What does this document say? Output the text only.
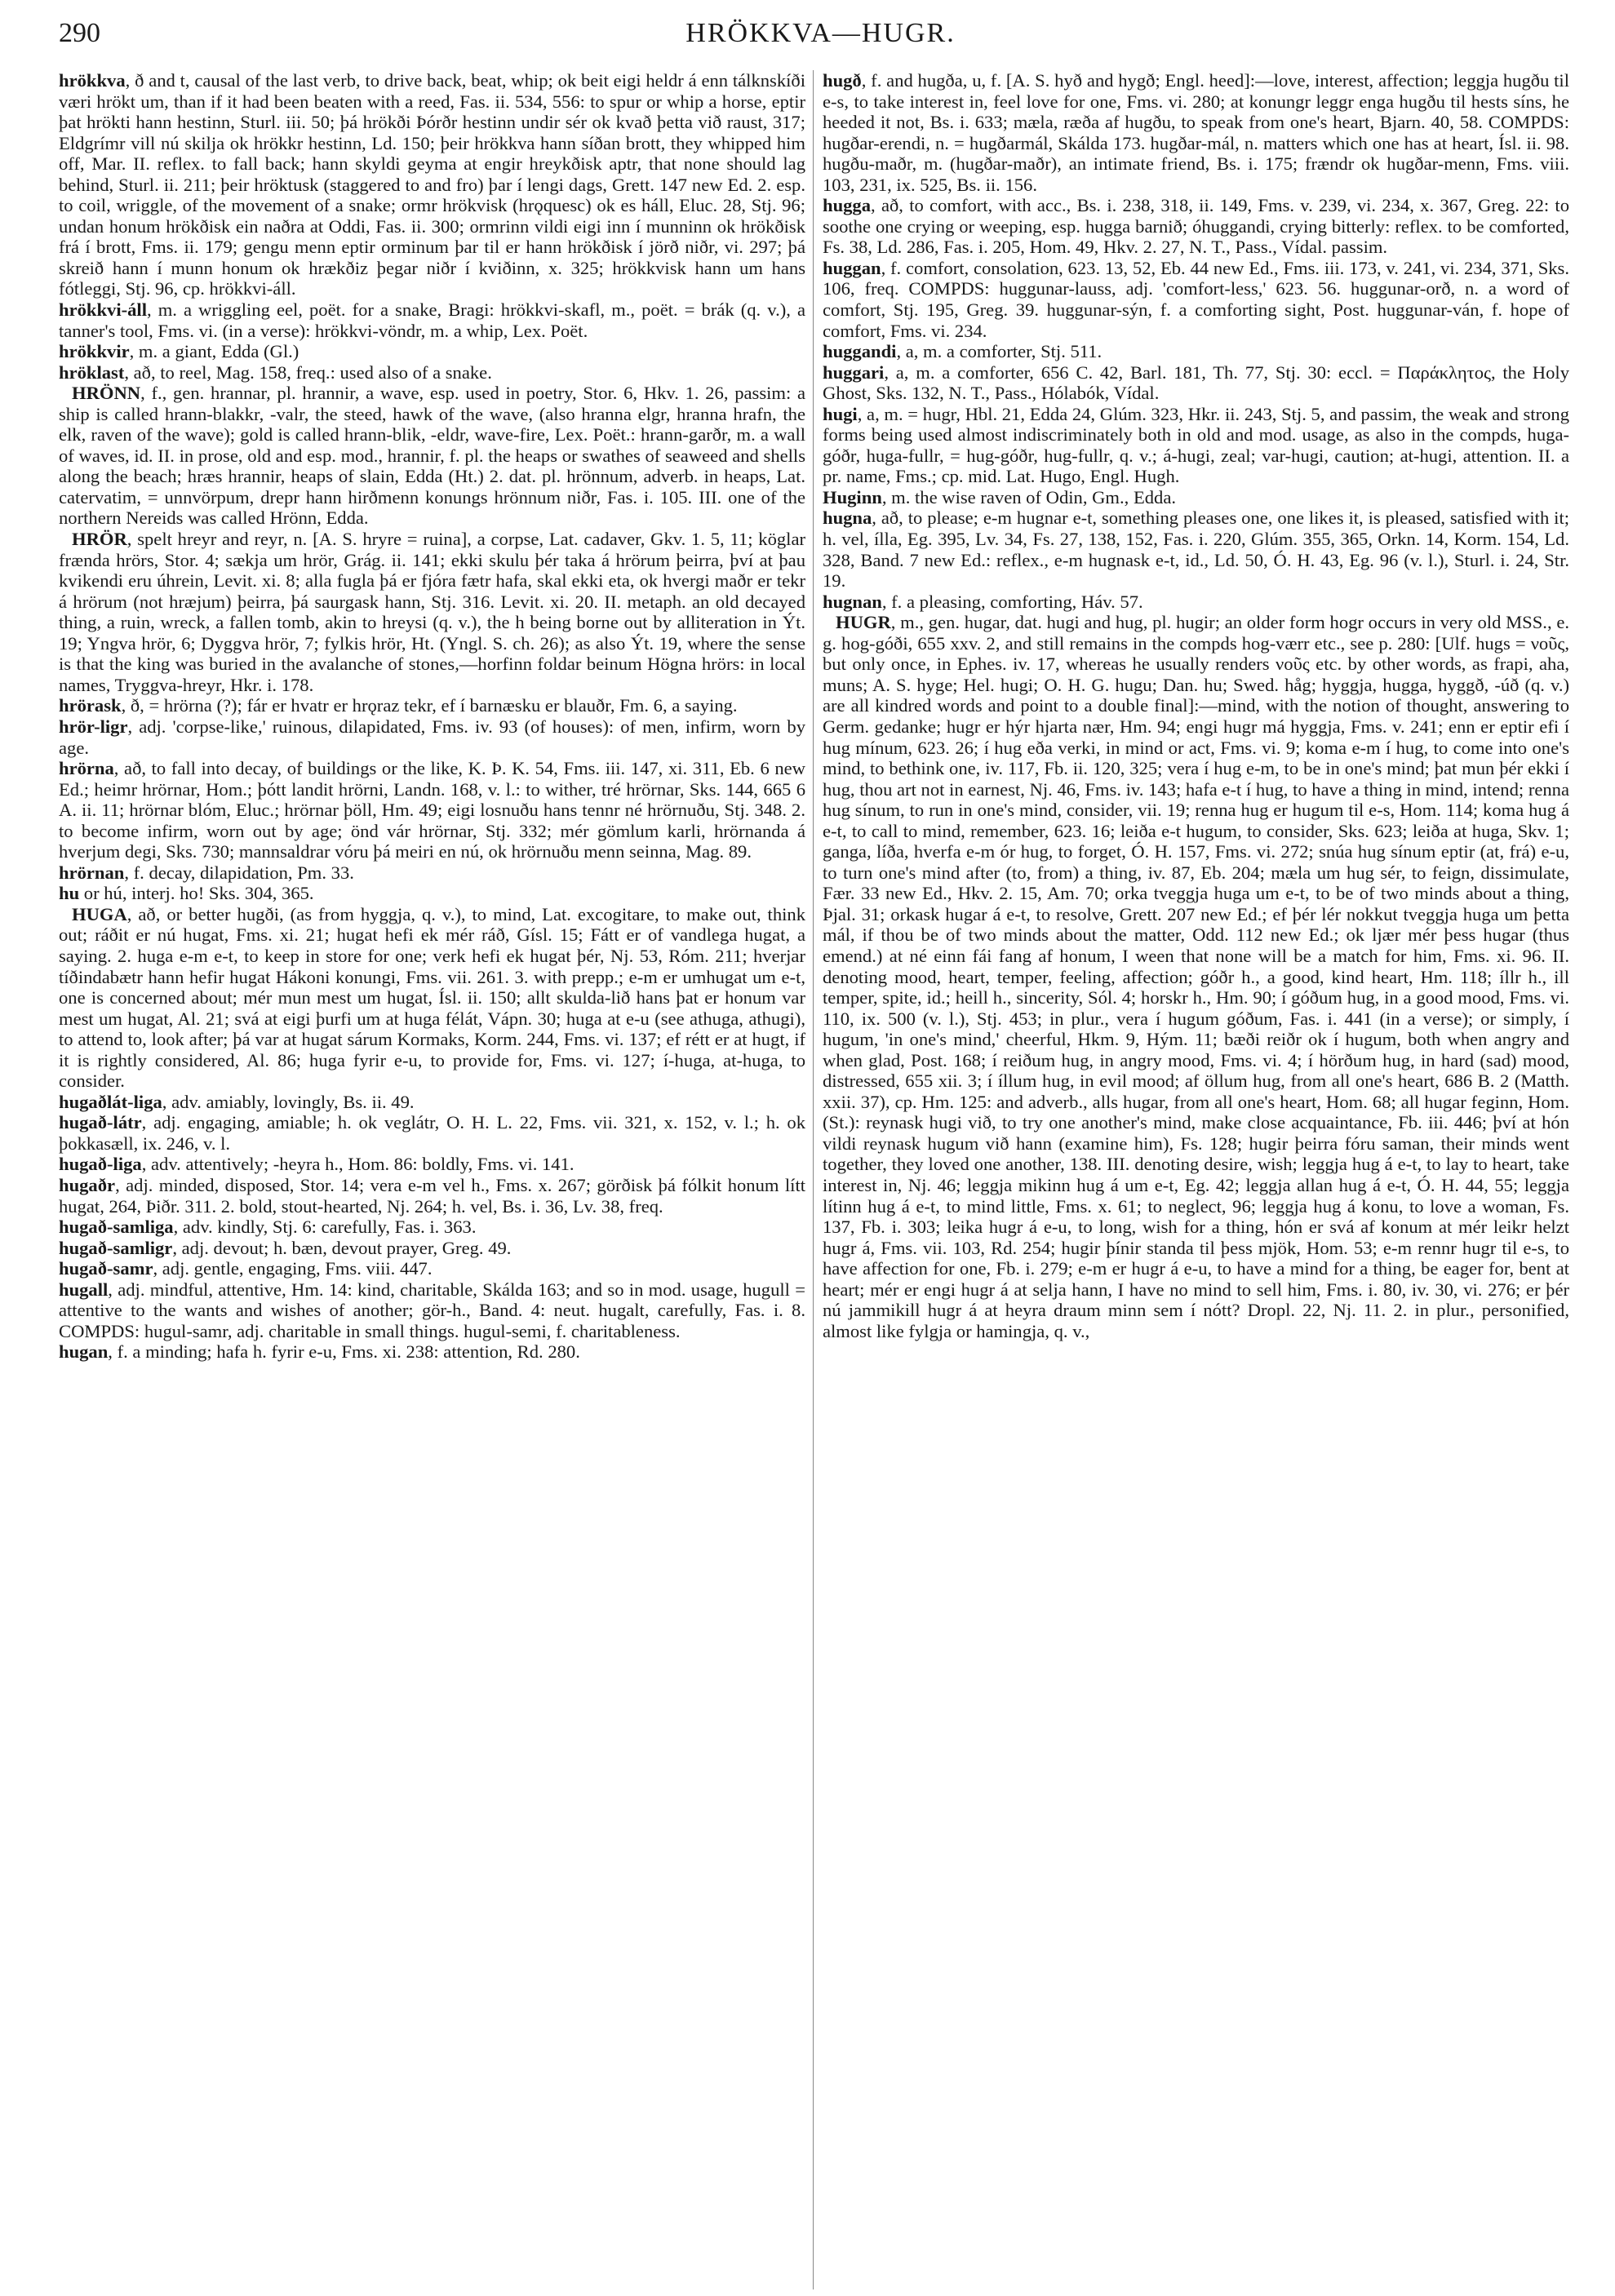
290	HRÖKKVA—HUGR.

hrökkva, ð and t, causal of the last verb, to drive back, beat, whip; ok beit eigi heldr á enn tálknskíði væri hrökt um, than if it had been beaten with a reed, Fas. ii. 534, 556: to spur or whip a horse, eptir þat hrökti hann hestinn, Sturl. iii. 50; þá hrökði Þórðr hestinn undir sér ok kvað þetta við raust, 317; Eldgrímr vill nú skilja ok hrökkr hestinn, Ld. 150; þeir hrökkva hann síðan brott, they whipped him off, Mar. II. reflex. to fall back; hann skyldi geyma at engir hreykðisk aptr, that none should lag behind, Sturl. ii. 211; þeir hröktusk (staggered to and fro) þar í lengi dags, Grett. 147 new Ed. 2. esp. to coil, wriggle, of the movement of a snake; ormr hrökvisk (hrǫquesc) ok es háll, Eluc. 28, Stj. 96; undan honum hrökðisk ein naðra at Oddi, Fas. ii. 300; ormrinn vildi eigi inn í munninn ok hrökðisk frá í brott, Fms. ii. 179; gengu menn eptir orminum þar til er hann hrökðisk í jörð niðr, vi. 297; þá skreið hann í munn honum ok hrækðiz þegar niðr í kviðinn, x. 325; hrökkvisk hann um hans fótleggi, Stj. 96, cp. hrökkvi-áll.

hrökkvi-áll, m. a wriggling eel, poët. for a snake, Bragi: hrökkvi-skafl, m., poët. = brák (q. v.), a tanner's tool, Fms. vi. (in a verse): hrökkvi-vöndr, m. a whip, Lex. Poët.

hrökkvir, m. a giant, Edda (Gl.)

hröklast, að, to reel, Mag. 158, freq.: used also of a snake.

HRÖNN, f., gen. hrannar, pl. hrannir, a wave, esp. used in poetry, Stor. 6, Hkv. 1. 26, passim: a ship is called hrann-blakkr, -valr, the steed, hawk of the wave, (also hranna elgr, hranna hrafn, the elk, raven of the wave); gold is called hrann-blik, -eldr, wave-fire, Lex. Poët.: hrann-garðr, m. a wall of waves, id. II. in prose, old and esp. mod., hrannir, f. pl. the heaps or swathes of seaweed and shells along the beach; hræs hrannir, heaps of slain, Edda (Ht.) 2. dat. pl. hrönnum, adverb. in heaps, Lat. catervatim, = unnvörpum, drepr hann hirðmenn konungs hrönnum niðr, Fas. i. 105. III. one of the northern Nereids was called Hrönn, Edda.

HRÖR, spelt hreyr and reyr, n. [A. S. hryre = ruina], a corpse, Lat. cadaver, Gkv. 1. 5, 11; köglar frænda hrörs, Stor. 4; sækja um hrör, Grág. ii. 141; ekki skulu þér taka á hrörum þeirra, því at þau kvikendi eru úhrein, Levit. xi. 8; alla fugla þá er fjóra fætr hafa, skal ekki eta, ok hvergi maðr er tekr á hrörum (not hræjum) þeirra, þá saurgask hann, Stj. 316. Levit. xi. 20. II. metaph. an old decayed thing, a ruin, wreck, a fallen tomb, akin to hreysi (q. v.), the h being borne out by alliteration in Ýt. 19; Yngva hrör, 6; Dyggva hrör, 7; fylkis hrör, Ht. (Yngl. S. ch. 26); as also Ýt. 19, where the sense is that the king was buried in the avalanche of stones,—horfinn foldar beinum Högna hrörs: in local names, Tryggva-hreyr, Hkr. i. 178.

hrörask, ð, = hrörna (?); fár er hvatr er hrǫraz tekr, ef í barnæsku er blauðr, Fm. 6, a saying.

hrör-ligr, adj. 'corpse-like,' ruinous, dilapidated, Fms. iv. 93 (of houses): of men, infirm, worn by age.

hrörna, að, to fall into decay, of buildings or the like, K. Þ. K. 54, Fms. iii. 147, xi. 311, Eb. 6 new Ed.; heimr hrörnar, Hom.; þótt landit hrörni, Landn. 168, v. l.: to wither, tré hrörnar, Sks. 144, 665 6 A. ii. 11; hrörnar blóm, Eluc.; hrörnar þöll, Hm. 49; eigi losnuðu hans tennr né hrörnuðu, Stj. 348. 2. to become infirm, worn out by age; önd vár hrörnar, Stj. 332; mér gömlum karli, hrörnanda á hverjum degi, Sks. 730; mannsaldrar vóru þá meiri en nú, ok hrörnuðu menn seinna, Mag. 89.

hrörnan, f. decay, dilapidation, Pm. 33.

hu or hú, interj. ho! Sks. 304, 365.

HUGA, að, or better hugði, (as from hyggja, q. v.), to mind, Lat. excogitare, to make out, think out; ráðit er nú hugat, Fms. xi. 21; hugat hefi ek mér ráð, Gísl. 15; Fátt er of vandlega hugat, a saying. 2. huga e-m e-t, to keep in store for one; verk hefi ek hugat þér, Nj. 53, Róm. 211; hverjar tíðindabætr hann hefir hugat Hákoni konungi, Fms. vii. 261. 3. with prepp.; e-m er umhugat um e-t, one is concerned about; mér mun mest um hugat, Ísl. ii. 150; allt skulda-lið hans þat er honum var mest um hugat, Al. 21; svá at eigi þurfi um at huga félát, Vápn. 30; huga at e-u (see athuga, athugi), to attend to, look after; þá var at hugat sárum Kormaks, Korm. 244, Fms. vi. 137; ef rétt er at hugt, if it is rightly considered, Al. 86; huga fyrir e-u, to provide for, Fms. vi. 127; í-huga, at-huga, to consider.

hugaðlát-liga, adv. amiably, lovingly, Bs. ii. 49.

hugað-látr, adj. engaging, amiable; h. ok veglátr, O. H. L. 22, Fms. vii. 321, x. 152, v. l.; h. ok þokkasæll, ix. 246, v. l.

hugað-liga, adv. attentively; -heyra h., Hom. 86: boldly, Fms. vi. 141.

hugaðr, adj. minded, disposed, Stor. 14; vera e-m vel h., Fms. x. 267; görðisk þá fólkit honum lítt hugat, 264, Þiðr. 311. 2. bold, stout-hearted, Nj. 264; h. vel, Bs. i. 36, Lv. 38, freq.

hugað-samliga, adv. kindly, Stj. 6: carefully, Fas. i. 363.

hugað-samligr, adj. devout; h. bæn, devout prayer, Greg. 49.

hugað-samr, adj. gentle, engaging, Fms. viii. 447.

hugall, adj. mindful, attentive, Hm. 14: kind, charitable, Skálda 163; and so in mod. usage, hugull = attentive to the wants and wishes of another; gör-h., Band. 4: neut. hugalt, carefully, Fas. i. 8. COMPDS: hugul-samr, adj. charitable in small things. hugul-semi, f. charitableness.

hugan, f. a minding; hafa h. fyrir e-u, Fms. xi. 238: attention, Rd. 280.

hugð, f. and hugða, u, f. [A. S. hyð and hygð; Engl. heed]:—love, interest, affection; leggja hugðu til e-s, to take interest in, feel love for one, Fms. vi. 280; at konungr leggr enga hugðu til hests síns, he heeded it not, Bs. i. 633; mæla, ræða af hugðu, to speak from one's heart, Bjarn. 40, 58. COMPDS: hugðar-erendi, n. = hugðarmál, Skálda 173. hugðar-mál, n. matters which one has at heart, Ísl. ii. 98. hugðu-maðr, m. (hugðar-maðr), an intimate friend, Bs. i. 175; frændr ok hugðar-menn, Fms. viii. 103, 231, ix. 525, Bs. ii. 156.

hugga, að, to comfort, with acc., Bs. i. 238, 318, ii. 149, Fms. v. 239, vi. 234, x. 367, Greg. 22: to soothe one crying or weeping, esp. hugga barnið; óhuggandi, crying bitterly: reflex. to be comforted, Fs. 38, Ld. 286, Fas. i. 205, Hom. 49, Hkv. 2. 27, N. T., Pass., Vídal. passim.

huggan, f. comfort, consolation, 623. 13, 52, Eb. 44 new Ed., Fms. iii. 173, v. 241, vi. 234, 371, Sks. 106, freq. COMPDS: huggunar-lauss, adj. 'comfort-less,' 623. 56. huggunar-orð, n. a word of comfort, Stj. 195, Greg. 39. huggunar-sýn, f. a comforting sight, Post. huggunar-ván, f. hope of comfort, Fms. vi. 234.

huggandi, a, m. a comforter, Stj. 511.

huggari, a, m. a comforter, 656 C. 42, Barl. 181, Th. 77, Stj. 30: eccl. = Παράκλητος, the Holy Ghost, Sks. 132, N. T., Pass., Hólabók, Vídal.

hugi, a, m. = hugr, Hbl. 21, Edda 24, Glúm. 323, Hkr. ii. 243, Stj. 5, and passim, the weak and strong forms being used almost indiscriminately both in old and mod. usage, as also in the compds, huga-góðr, huga-fullr, = hug-góðr, hug-fullr, q. v.; á-hugi, zeal; var-hugi, caution; at-hugi, attention. II. a pr. name, Fms.; cp. mid. Lat. Hugo, Engl. Hugh.

Huginn, m. the wise raven of Odin, Gm., Edda.

hugna, að, to please; e-m hugnar e-t, something pleases one, one likes it, is pleased, satisfied with it; h. vel, ílla, Eg. 395, Lv. 34, Fs. 27, 138, 152, Fas. i. 220, Glúm. 355, 365, Orkn. 14, Korm. 154, Ld. 328, Band. 7 new Ed.: reflex., e-m hugnask e-t, id., Ld. 50, Ó. H. 43, Eg. 96 (v. l.), Sturl. i. 24, Str. 19.

hugnan, f. a pleasing, comforting, Háv. 57.

HUGR, m., gen. hugar, dat. hugi and hug, pl. hugir; an older form hogr occurs in very old MSS., e. g. hog-góði, 655 xxv. 2, and still remains in the compds hog-værr etc., see p. 280: [Ulf. hugs = νοῦς, but only once, in Ephes. iv. 17, whereas he usually renders νοῦς etc. by other words, as frapi, aha, muns; A. S. hyge; Hel. hugi; O. H. G. hugu; Dan. hu; Swed. håg; hyggja, hugga, hyggð, -úð (q. v.) are all kindred words and point to a double final]:—mind, with the notion of thought, answering to Germ. gedanke; hugr er hýr hjarta nær, Hm. 94; engi hugr má hyggja, Fms. v. 241; enn er eptir efi í hug mínum, 623. 26; í hug eða verki, in mind or act, Fms. vi. 9; koma e-m í hug, to come into one's mind, to bethink one, iv. 117, Fb. ii. 120, 325; vera í hug e-m, to be in one's mind; þat mun þér ekki í hug, thou art not in earnest, Nj. 46, Fms. iv. 143; hafa e-t í hug, to have a thing in mind, intend; renna hug sínum, to run in one's mind, consider, vii. 19; renna hug er hugum til e-s, Hom. 114; koma hug á e-t, to call to mind, remember, 623. 16; leiða e-t hugum, to consider, Sks. 623; leiða at huga, Skv. 1; ganga, líða, hverfa e-m ór hug, to forget, Ó. H. 157, Fms. vi. 272; snúa hug sínum eptir (at, frá) e-u, to turn one's mind after (to, from) a thing, iv. 87, Eb. 204; mæla um hug sér, to feign, dissimulate, Fær. 33 new Ed., Hkv. 2. 15, Am. 70; orka tveggja huga um e-t, to be of two minds about a thing, Þjal. 31; orkask hugar á e-t, to resolve, Grett. 207 new Ed.; ef þér lér nokkut tveggja huga um þetta mál, if thou be of two minds about the matter, Odd. 112 new Ed.; ok ljær mér þess hugar (thus emend.) at né einn fái fang af honum, I ween that none will be a match for him, Fms. xi. 96. II. denoting mood, heart, temper, feeling, affection; góðr h., a good, kind heart, Hm. 118; íllr h., ill temper, spite, id.; heill h., sincerity, Sól. 4; horskr h., Hm. 90; í góðum hug, in a good mood, Fms. vi. 110, ix. 500 (v. l.), Stj. 453; in plur., vera í hugum góðum, Fas. i. 441 (in a verse); or simply, í hugum, 'in one's mind,' cheerful, Hkm. 9, Hým. 11; bæði reiðr ok í hugum, both when angry and when glad, Post. 168; í reiðum hug, in angry mood, Fms. vi. 4; í hörðum hug, in hard (sad) mood, distressed, 655 xii. 3; í íllum hug, in evil mood; af öllum hug, from all one's heart, 686 B. 2 (Matth. xxii. 37), cp. Hm. 125: and adverb., alls hugar, from all one's heart, Hom. 68; all hugar feginn, Hom. (St.): reynask hugi við, to try one another's mind, make close acquaintance, Fb. iii. 446; því at hón vildi reynask hugum við hann (examine him), Fs. 128; hugir þeirra fóru saman, their minds went together, they loved one another, 138. III. denoting desire, wish; leggja hug á e-t, to lay to heart, take interest in, Nj. 46; leggja mikinn hug á um e-t, Eg. 42; leggja allan hug á e-t, Ó. H. 44, 55; leggja lítinn hug á e-t, to mind little, Fms. x. 61; to neglect, 96; leggja hug á konu, to love a woman, Fs. 137, Fb. i. 303; leika hugr á e-u, to long, wish for a thing, hón er svá af konum at mér leikr helzt hugr á, Fms. vii. 103, Rd. 254; hugir þínir standa til þess mjök, Hom. 53; e-m rennr hugr til e-s, to have affection for one, Fb. i. 279; e-m er hugr á e-u, to have a mind for a thing, be eager for, bent at heart; mér er engi hugr á at selja hann, I have no mind to sell him, Fms. i. 80, iv. 30, vi. 276; er þér nú jammikill hugr á at heyra draum minn sem í nótt? Dropl. 22, Nj. 11. 2. in plur., personified, almost like fylgja or hamingja, q. v.,
